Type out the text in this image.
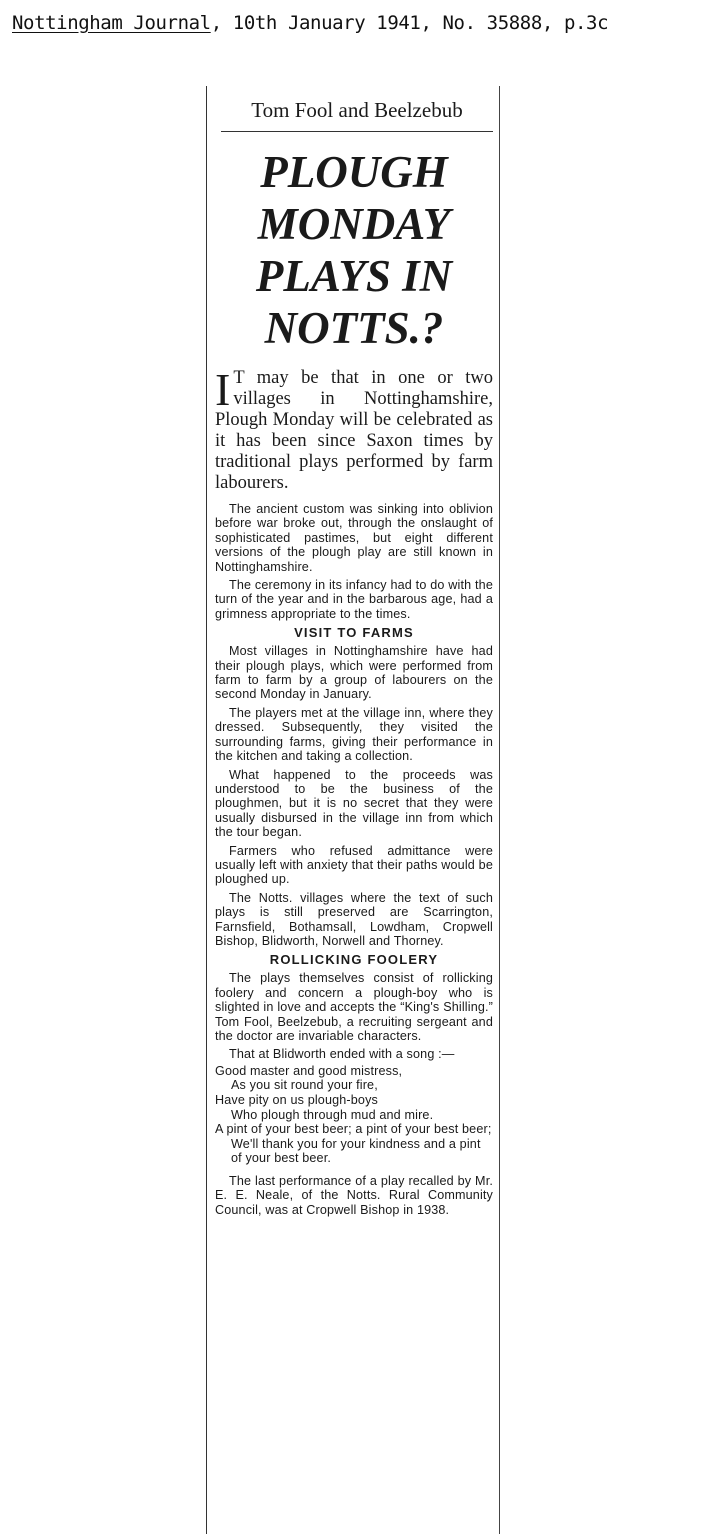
Nottingham Journal, 10th January 1941, No. 35888, p.3c
Tom Fool and Beelzebub
PLOUGH
MONDAY
PLAYS IN
NOTTS.?
I T may be that in one or two villages in Nottinghamshire, Plough Monday will be celebrated as it has been since Saxon times by traditional plays performed by farm labourers.

The ancient custom was sinking into oblivion before war broke out, through the onslaught of sophisticated pastimes, but eight different versions of the plough play are still known in Nottinghamshire.

The ceremony in its infancy had to do with the turn of the year and in the barbarous age, had a grimness appropriate to the times.

VISIT TO FARMS

Most villages in Nottinghamshire have had their plough plays, which were performed from farm to farm by a group of labourers on the second Monday in January.

The players met at the village inn, where they dressed. Subsequently, they visited the surrounding farms, giving their performance in the kitchen and taking a collection.

What happened to the proceeds was understood to be the business of the ploughmen, but it is no secret that they were usually disbursed in the village inn from which the tour began.

Farmers who refused admittance were usually left with anxiety that their paths would be ploughed up.

The Notts. villages where the text of such plays is still preserved are Scarrington, Farnsfield, Bothamsall, Lowdham, Cropwell Bishop, Blidworth, Norwell and Thorney.

ROLLICKING FOOLERY

The plays themselves consist of rollicking foolery and concern a plough-boy who is slighted in love and accepts the “King's Shilling.” Tom Fool, Beelzebub, a recruiting sergeant and the doctor are invariable characters.

That at Blidworth ended with a song :—

Good master and good mistress,
As you sit round your fire,
Have pity on us plough-boys
Who plough through mud and mire.
A pint of your best beer; a pint of your best beer;
We'll thank you for your kindness and a pint of your best beer.

The last performance of a play recalled by Mr. E. E. Neale, of the Notts. Rural Community Council, was at Cropwell Bishop in 1938.
